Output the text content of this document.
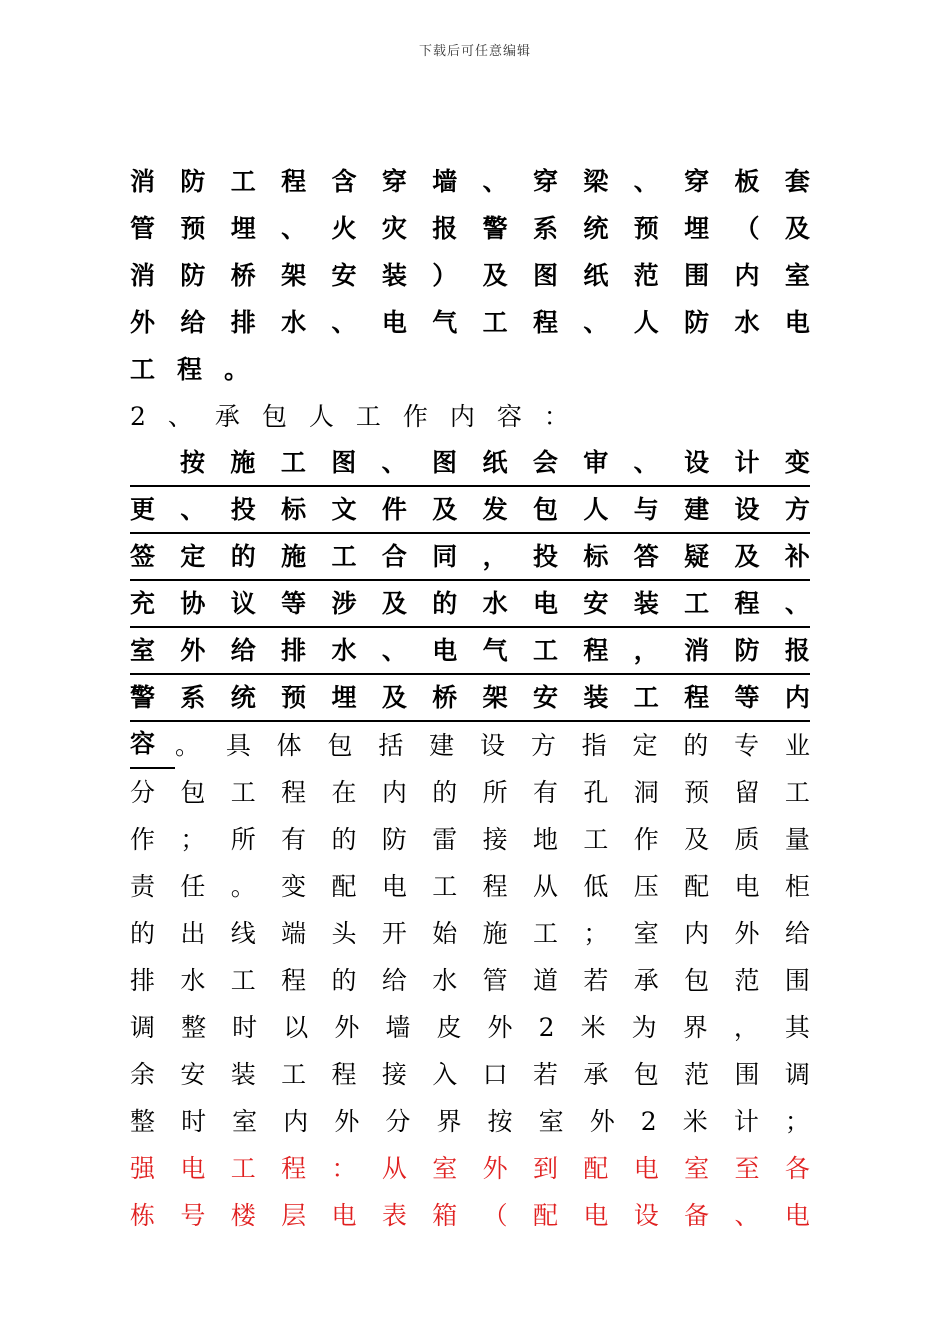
下载后可任意编辑
消 防 工 程 含 穿 墙 、 穿 梁 、 穿 板 套
管 预 埋 、 火 灾 报 警 系 统 预 埋 （ 及
消 防 桥 架 安 装 ） 及 图 纸 范 围 内 室
外 给 排 水 、 电 气 工 程 、 人 防 水 电
工程。
2、承包人工作内容：
按 施 工 图 、 图 纸 会 审 、 设 计 变
更 、 投 标 文 件 及 发 包 人 与 建 设 方
签 定 的 施 工 合 同 ， 投 标 答 疑 及 补
充 协 议 等 涉 及 的 水 电 安 装 工 程 、
室 外 给 排 水 、 电 气 工 程 ， 消 防 报
警 系 统 预 埋 及 桥 架 安 装 工 程 等 内
容 。 具 体 包 括 建 设 方 指 定 的 专 业
分 包 工 程 在 内 的 所 有 孔 洞 预 留 工
作 ； 所 有 的 防 雷 接 地 工 作 及 质 量
责 任 。 变 配 电 工 程 从 低 压 配 电 柜
的 出 线 端 头 开 始 施 工 ； 室 内 外 给
排 水 工 程 的 给 水 管 道 若 承 包 范 围
调 整 时 以 外 墙 皮 外 2 米 为 界 ， 其
余 安 装 工 程 接 入 口 若 承 包 范 围 调
整 时 室 内 外 分 界 按 室 外 2 米 计 ；
强 电 工 程 ： 从 室 外 到 配 电 室 至 各
栋 号 楼 层 电 表 箱 （ 配 电 设 备 、 电
